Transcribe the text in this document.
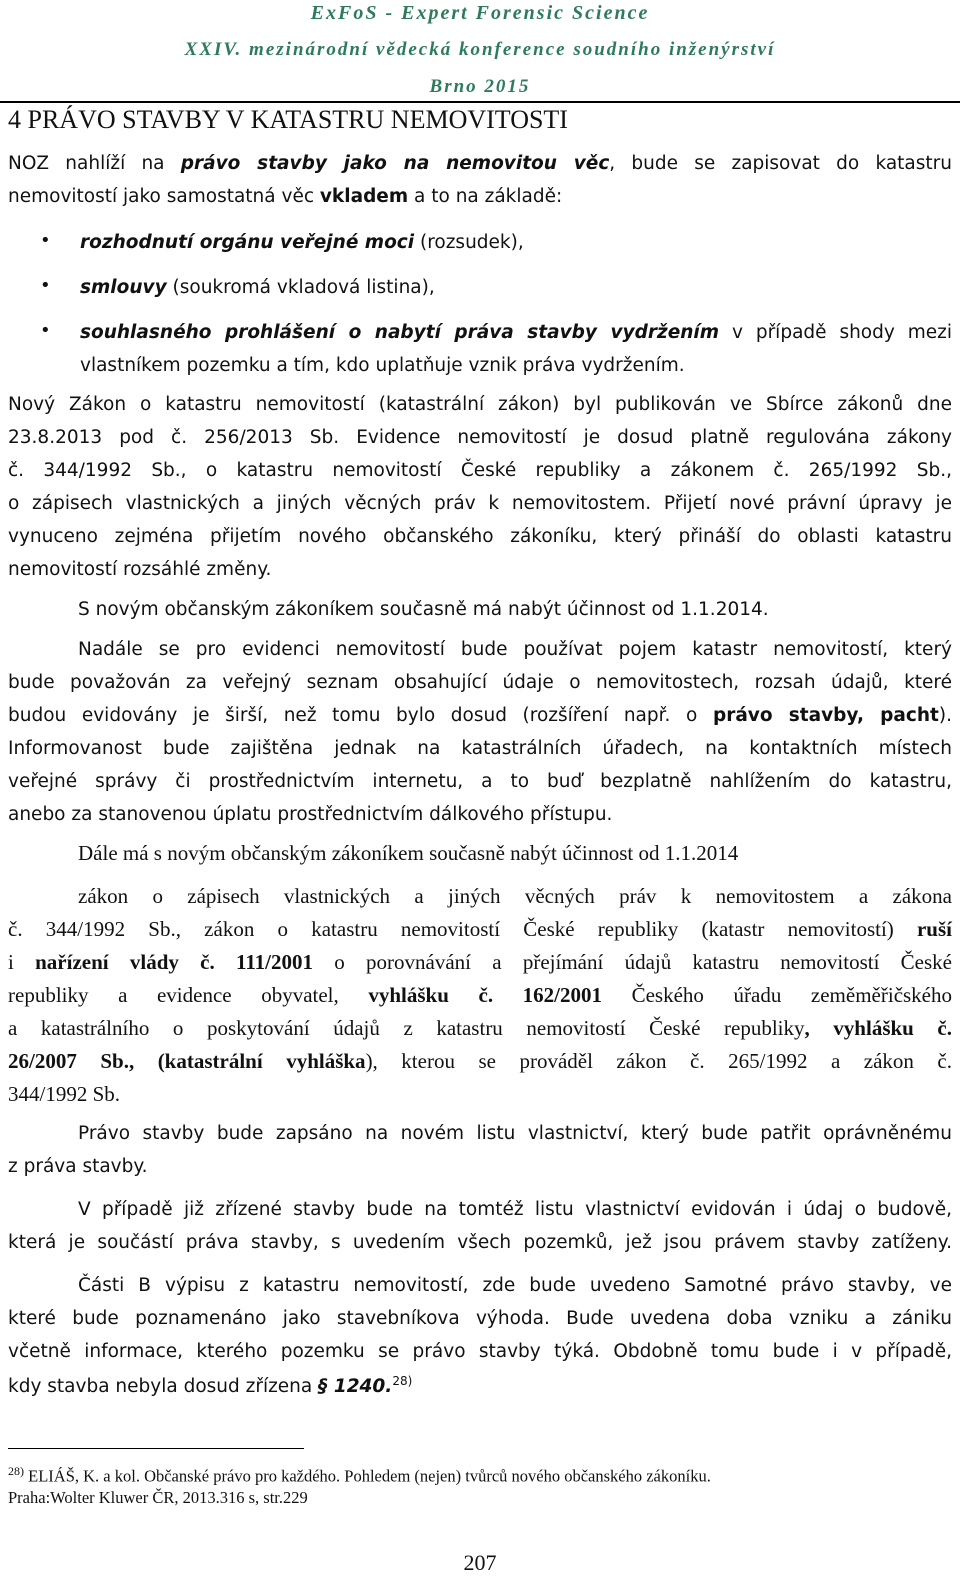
ExFoS - Expert Forensic Science
XXIV. mezinárodní vědecká konference soudního inženýrství
Brno 2015
4 PRÁVO STAVBY V KATASTRU NEMOVITOSTI
NOZ nahlíží na právo stavby jako na nemovitou věc, bude se zapisovat do katastru
nemovitostí jako samostatná věc vkladem a to na základě:
• rozhodnutí orgánu veřejné moci (rozsudek),
• smlouvy (soukromá vkladová listina),
• souhlasného prohlášení o nabytí práva stavby vydržením v případě shody mezi
vlastníkem pozemku a tím, kdo uplatňuje vznik práva vydržením.
Nový Zákon o katastru nemovitostí (katastrální zákon) byl publikován ve Sbírce zákonů dne
23.8.2013 pod č. 256/2013 Sb. Evidence nemovitostí je dosud platně regulována zákony
č. 344/1992 Sb., o katastru nemovitostí České republiky a zákonem č. 265/1992 Sb.,
o zápisech vlastnických a jiných věcných práv k nemovitostem. Přijetí nové právní úpravy je
vynuceno zejména přijetím nového občanského zákoníku, který přináší do oblasti katastru
nemovitostí rozsáhlé změny.
S novým občanským zákoníkem současně má nabýt účinnost od 1.1.2014.
Nadále se pro evidenci nemovitostí bude používat pojem katastr nemovitostí, který
bude považován za veřejný seznam obsahující údaje o nemovitostech, rozsah údajů, které
budou evidovány je širší, než tomu bylo dosud (rozšíření např. o právo stavby, pacht).
Informovanost bude zajištěna jednak na katastrálních úřadech, na kontaktních místech
veřejné správy či prostřednictvím internetu, a to buď bezplatně nahlížením do katastru,
anebo za stanovenou úplatu prostřednictvím dálkového přístupu.
Dále má s novým občanským zákoníkem současně nabýt účinnost od 1.1.2014
zákon o zápisech vlastnických a jiných věcných práv k nemovitostem a zákona
č. 344/1992 Sb., zákon o katastru nemovitostí České republiky (katastr nemovitostí) ruší
i nařízení vlády č. 111/2001 o porovnávání a přejímání údajů katastru nemovitostí České
republiky a evidence obyvatel, vyhlášku č. 162/2001 Českého úřadu zeměměřičského
a katastrálního o poskytování údajů z katastru nemovitostí České republiky, vyhlášku č.
26/2007 Sb., (katastrální vyhláška), kterou se prováděl zákon č. 265/1992 a zákon č.
344/1992 Sb.
Právo stavby bude zapsáno na novém listu vlastnictví, který bude patřit oprávněnému
z práva stavby.
V případě již zřízené stavby bude na tomtéž listu vlastnictví evidován i údaj o budově,
která je součástí práva stavby, s uvedením všech pozemků, jež jsou právem stavby zatíženy.
Části B výpisu z katastru nemovitostí, zde bude uvedeno Samotné právo stavby, ve
které bude poznamenáno jako stavebníkova výhoda. Bude uvedena doba vzniku a zániku
včetně informace, kterého pozemku se právo stavby týká. Obdobně tomu bude i v případě,
kdy stavba nebyla dosud zřízena § 1240.$^{28)}$
$^{28)}$ ELIÁŠ, K. a kol. Občanské právo pro každého. Pohledem (nejen) tvůrců nového občanského zákoníku.
Praha:Wolter Kluwer ČR, 2013.316 s, str.229
207
